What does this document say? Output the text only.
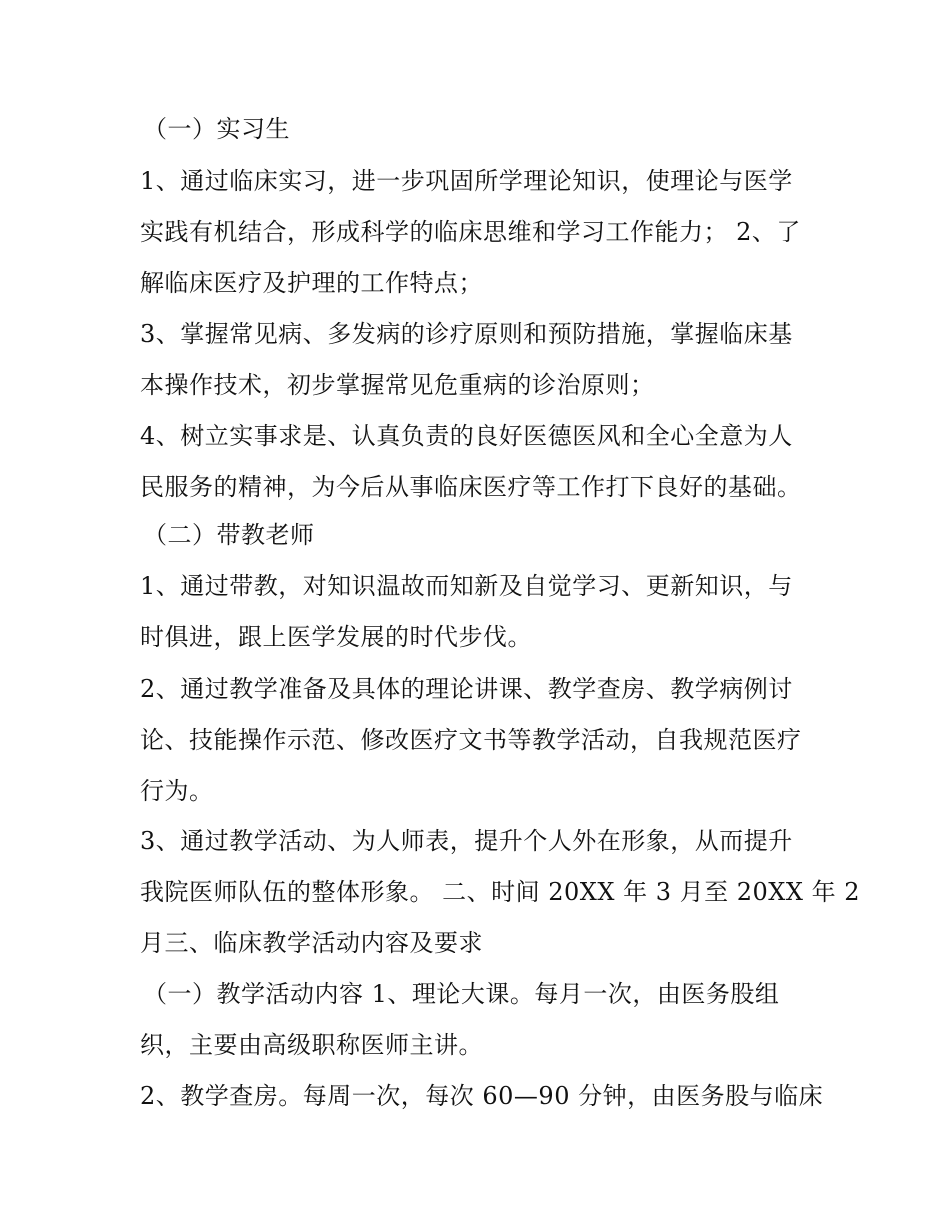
（一）实习生
1、通过临床实习，进一步巩固所学理论知识，使理论与医学
实践有机结合，形成科学的临床思维和学习工作能力； 2、了
解临床医疗及护理的工作特点；
3、掌握常见病、多发病的诊疗原则和预防措施，掌握临床基
本操作技术，初步掌握常见危重病的诊治原则；
4、树立实事求是、认真负责的良好医德医风和全心全意为人
民服务的精神，为今后从事临床医疗等工作打下良好的基础。
（二）带教老师
1、通过带教，对知识温故而知新及自觉学习、更新知识，与
时俱进，跟上医学发展的时代步伐。
2、通过教学准备及具体的理论讲课、教学查房、教学病例讨
论、技能操作示范、修改医疗文书等教学活动，自我规范医疗
行为。
3、通过教学活动、为人师表，提升个人外在形象，从而提升
我院医师队伍的整体形象。 二、时间 20XX 年 3 月至 20XX 年 2
月三、临床教学活动内容及要求
（一）教学活动内容 1、理论大课。每月一次，由医务股组
织，主要由高级职称医师主讲。
2、教学查房。每周一次，每次 60—90 分钟，由医务股与临床
